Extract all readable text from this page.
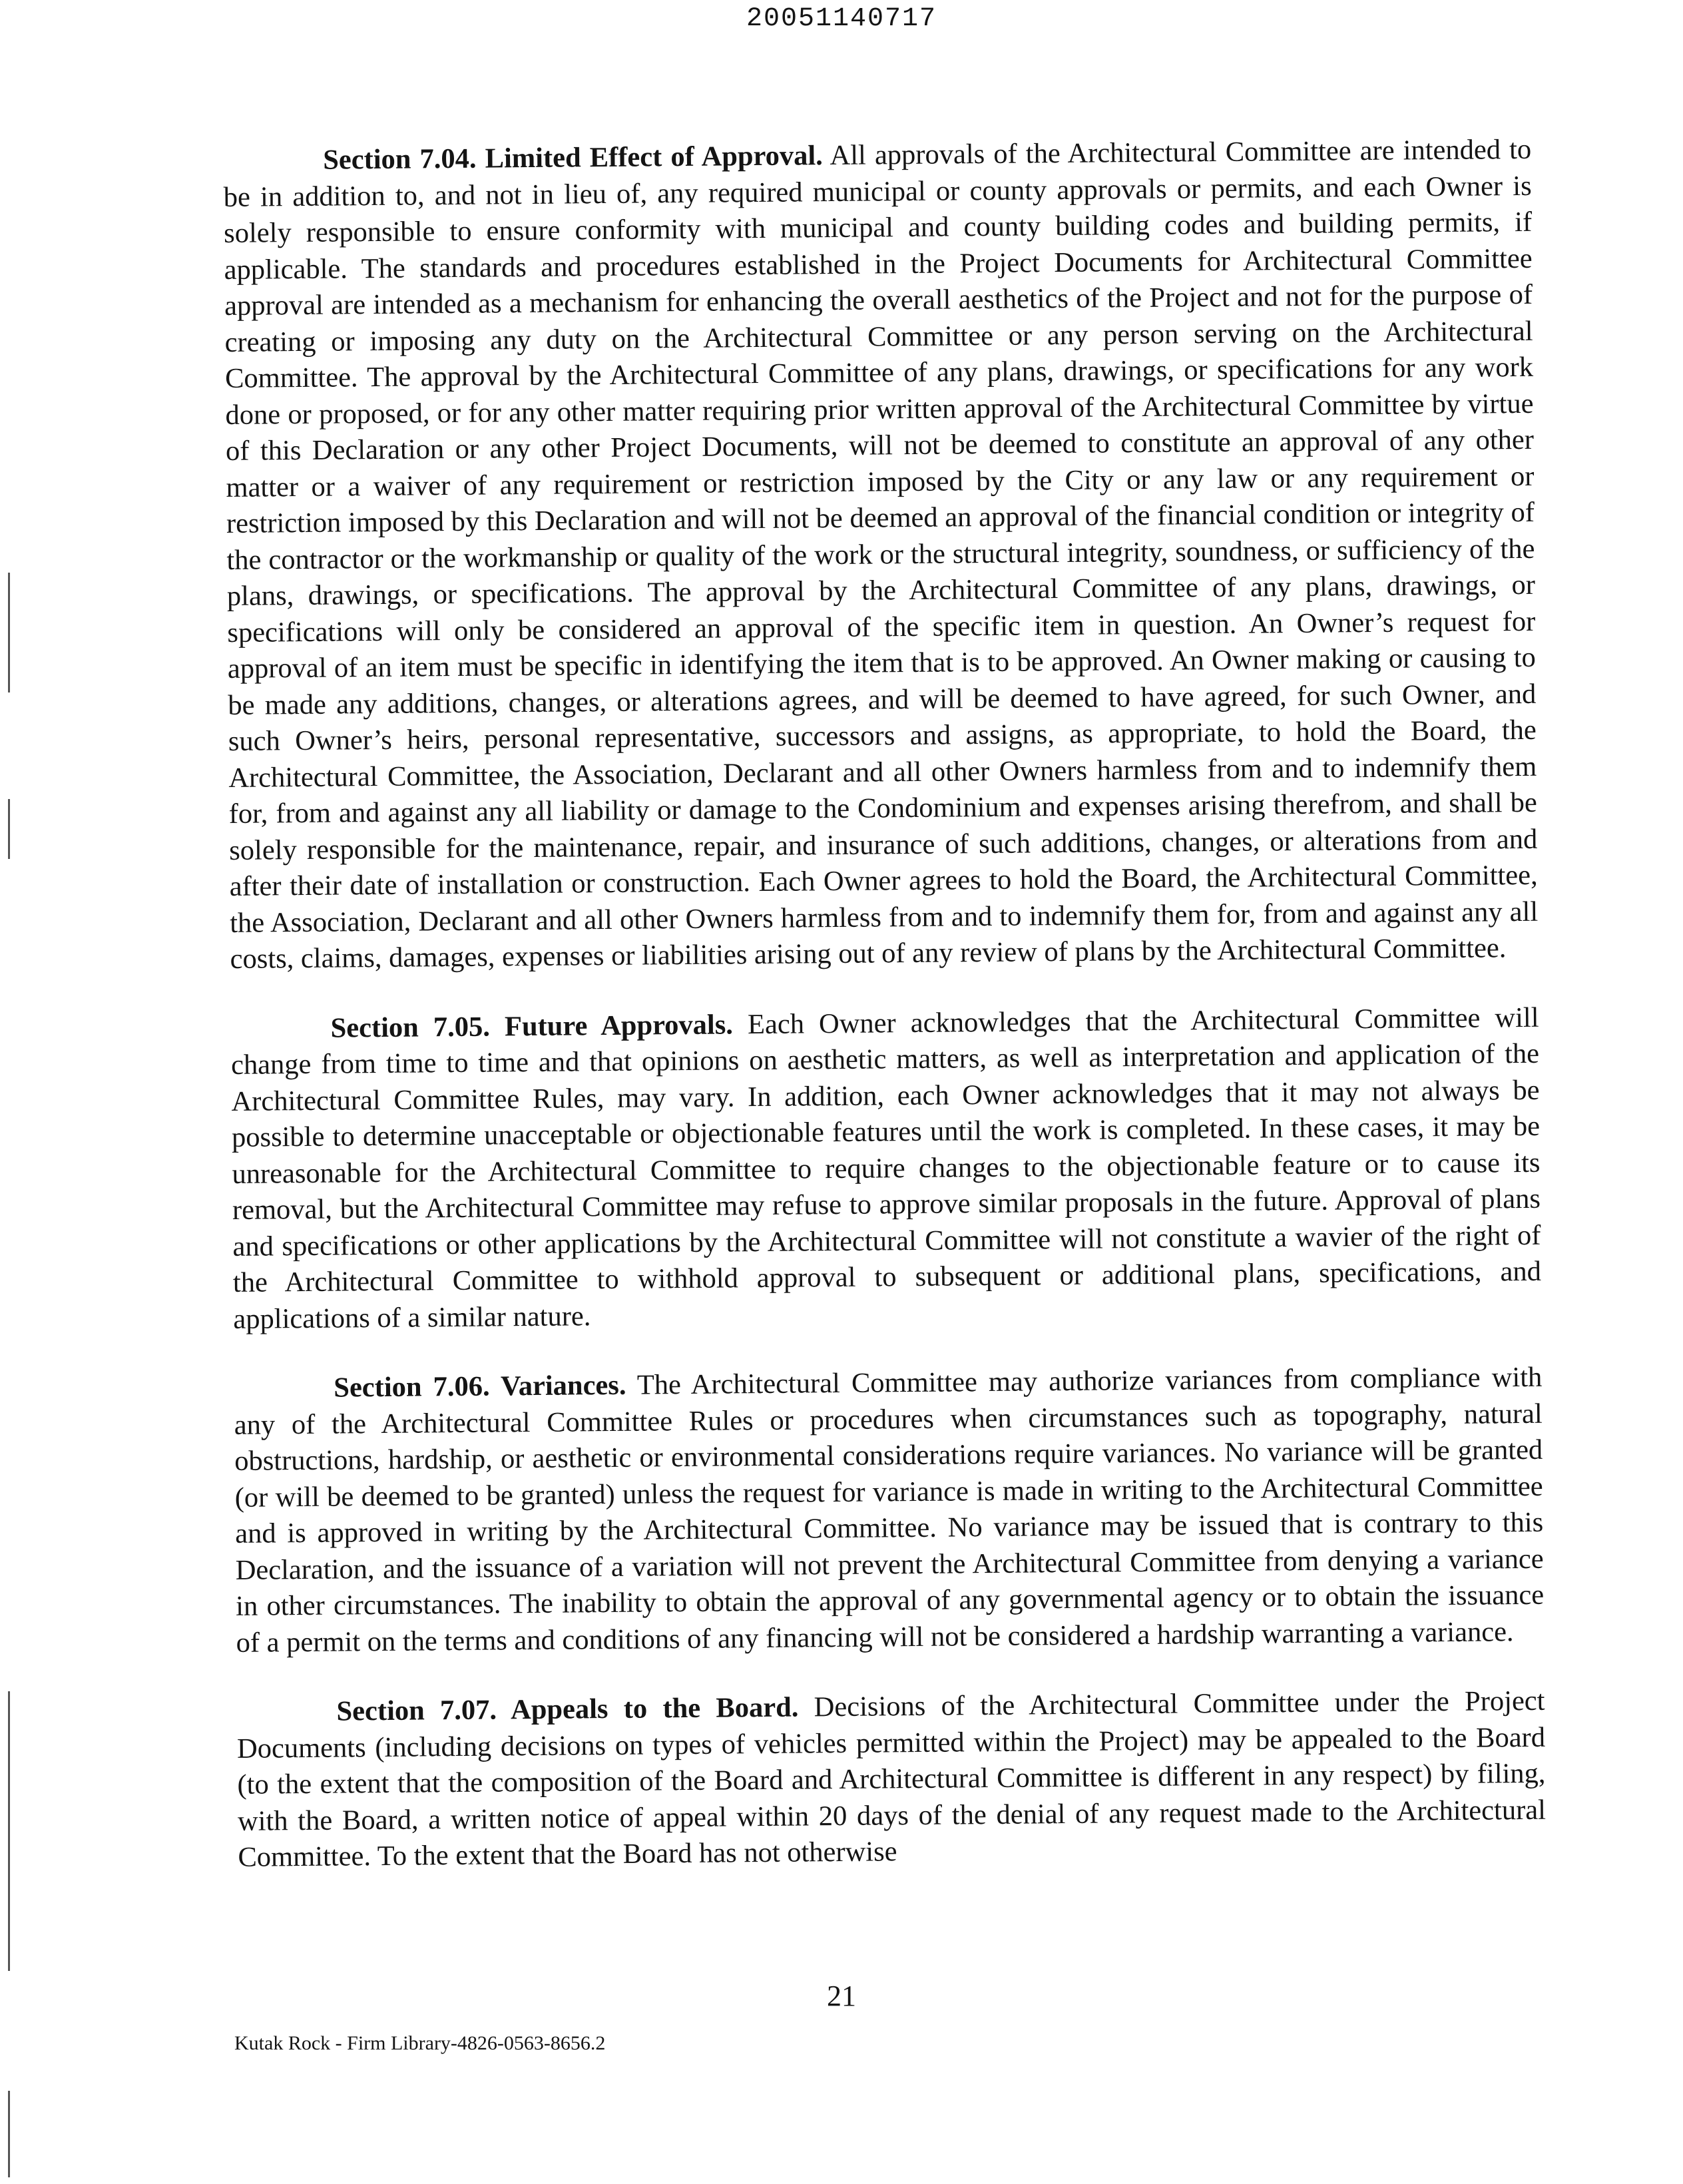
20051140717

Section 7.04. Limited Effect of Approval. All approvals of the Architectural Committee are intended to be in addition to, and not in lieu of, any required municipal or county approvals or permits, and each Owner is solely responsible to ensure conformity with municipal and county building codes and building permits, if applicable. The standards and procedures established in the Project Documents for Architectural Committee approval are intended as a mechanism for enhancing the overall aesthetics of the Project and not for the purpose of creating or imposing any duty on the Architectural Committee or any person serving on the Architectural Committee. The approval by the Architectural Committee of any plans, drawings, or specifications for any work done or proposed, or for any other matter requiring prior written approval of the Architectural Committee by virtue of this Declaration or any other Project Documents, will not be deemed to constitute an approval of any other matter or a waiver of any requirement or restriction imposed by the City or any law or any requirement or restriction imposed by this Declaration and will not be deemed an approval of the financial condition or integrity of the contractor or the workmanship or quality of the work or the structural integrity, soundness, or sufficiency of the plans, drawings, or specifications. The approval by the Architectural Committee of any plans, drawings, or specifications will only be considered an approval of the specific item in question. An Owner’s request for approval of an item must be specific in identifying the item that is to be approved. An Owner making or causing to be made any additions, changes, or alterations agrees, and will be deemed to have agreed, for such Owner, and such Owner’s heirs, personal representative, successors and assigns, as appropriate, to hold the Board, the Architectural Committee, the Association, Declarant and all other Owners harmless from and to indemnify them for, from and against any all liability or damage to the Condominium and expenses arising therefrom, and shall be solely responsible for the maintenance, repair, and insurance of such additions, changes, or alterations from and after their date of installation or construction. Each Owner agrees to hold the Board, the Architectural Committee, the Association, Declarant and all other Owners harmless from and to indemnify them for, from and against any all costs, claims, damages, expenses or liabilities arising out of any review of plans by the Architectural Committee.

Section 7.05. Future Approvals. Each Owner acknowledges that the Architectural Committee will change from time to time and that opinions on aesthetic matters, as well as interpretation and application of the Architectural Committee Rules, may vary. In addition, each Owner acknowledges that it may not always be possible to determine unacceptable or objectionable features until the work is completed. In these cases, it may be unreasonable for the Architectural Committee to require changes to the objectionable feature or to cause its removal, but the Architectural Committee may refuse to approve similar proposals in the future. Approval of plans and specifications or other applications by the Architectural Committee will not constitute a wavier of the right of the Architectural Committee to withhold approval to subsequent or additional plans, specifications, and applications of a similar nature.

Section 7.06. Variances. The Architectural Committee may authorize variances from compliance with any of the Architectural Committee Rules or procedures when circumstances such as topography, natural obstructions, hardship, or aesthetic or environmental considerations require variances. No variance will be granted (or will be deemed to be granted) unless the request for variance is made in writing to the Architectural Committee and is approved in writing by the Architectural Committee. No variance may be issued that is contrary to this Declaration, and the issuance of a variation will not prevent the Architectural Committee from denying a variance in other circumstances. The inability to obtain the approval of any governmental agency or to obtain the issuance of a permit on the terms and conditions of any financing will not be considered a hardship warranting a variance.

Section 7.07. Appeals to the Board. Decisions of the Architectural Committee under the Project Documents (including decisions on types of vehicles permitted within the Project) may be appealed to the Board (to the extent that the composition of the Board and Architectural Committee is different in any respect) by filing, with the Board, a written notice of appeal within 20 days of the denial of any request made to the Architectural Committee. To the extent that the Board has not otherwise

21
Kutak Rock - Firm Library-4826-0563-8656.2
